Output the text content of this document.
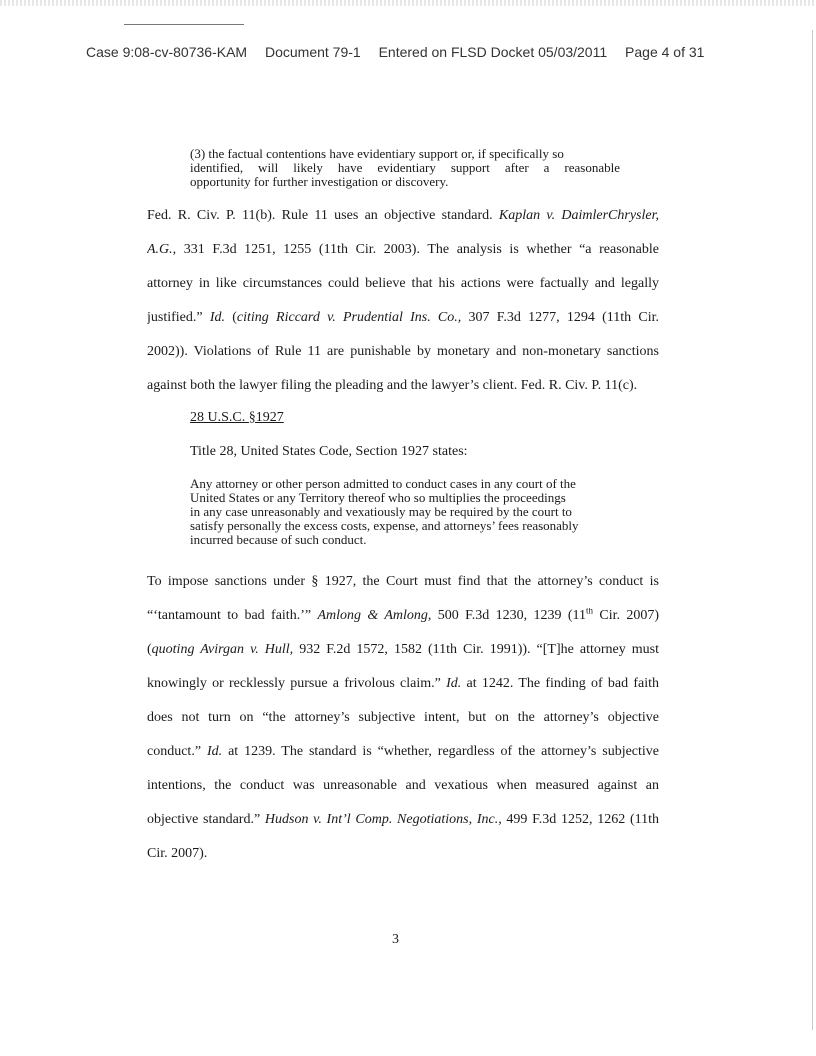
Case 9:08-cv-80736-KAM Document 79-1 Entered on FLSD Docket 05/03/2011 Page 4 of 31
(3) the factual contentions have evidentiary support or, if specifically so
identified, will likely have evidentiary support after a reasonable
opportunity for further investigation or discovery.
Fed. R. Civ. P. 11(b). Rule 11 uses an objective standard. Kaplan v. DaimlerChrysler,
A.G., 331 F.3d 1251, 1255 (11th Cir. 2003). The analysis is whether “a reasonable
attorney in like circumstances could believe that his actions were factually and legally
justified.” Id. (citing Riccard v. Prudential Ins. Co., 307 F.3d 1277, 1294 (11th Cir.
2002)). Violations of Rule 11 are punishable by monetary and non-monetary sanctions
against both the lawyer filing the pleading and the lawyer’s client. Fed. R. Civ. P. 11(c).
28 U.S.C. §1927
Title 28, United States Code, Section 1927 states:
Any attorney or other person admitted to conduct cases in any court of the
United States or any Territory thereof who so multiplies the proceedings
in any case unreasonably and vexatiously may be required by the court to
satisfy personally the excess costs, expense, and attorneys’ fees reasonably
incurred because of such conduct.
To impose sanctions under § 1927, the Court must find that the attorney’s conduct is
“‘tantamount to bad faith.’” Amlong & Amlong, 500 F.3d 1230, 1239 (11th Cir. 2007)
(quoting Avirgan v. Hull, 932 F.2d 1572, 1582 (11th Cir. 1991)). “[T]he attorney must
knowingly or recklessly pursue a frivolous claim.” Id. at 1242. The finding of bad faith
does not turn on “the attorney’s subjective intent, but on the attorney’s objective
conduct.” Id. at 1239. The standard is “whether, regardless of the attorney’s subjective
intentions, the conduct was unreasonable and vexatious when measured against an
objective standard.” Hudson v. Int’l Comp. Negotiations, Inc., 499 F.3d 1252, 1262 (11th
Cir. 2007).
3
